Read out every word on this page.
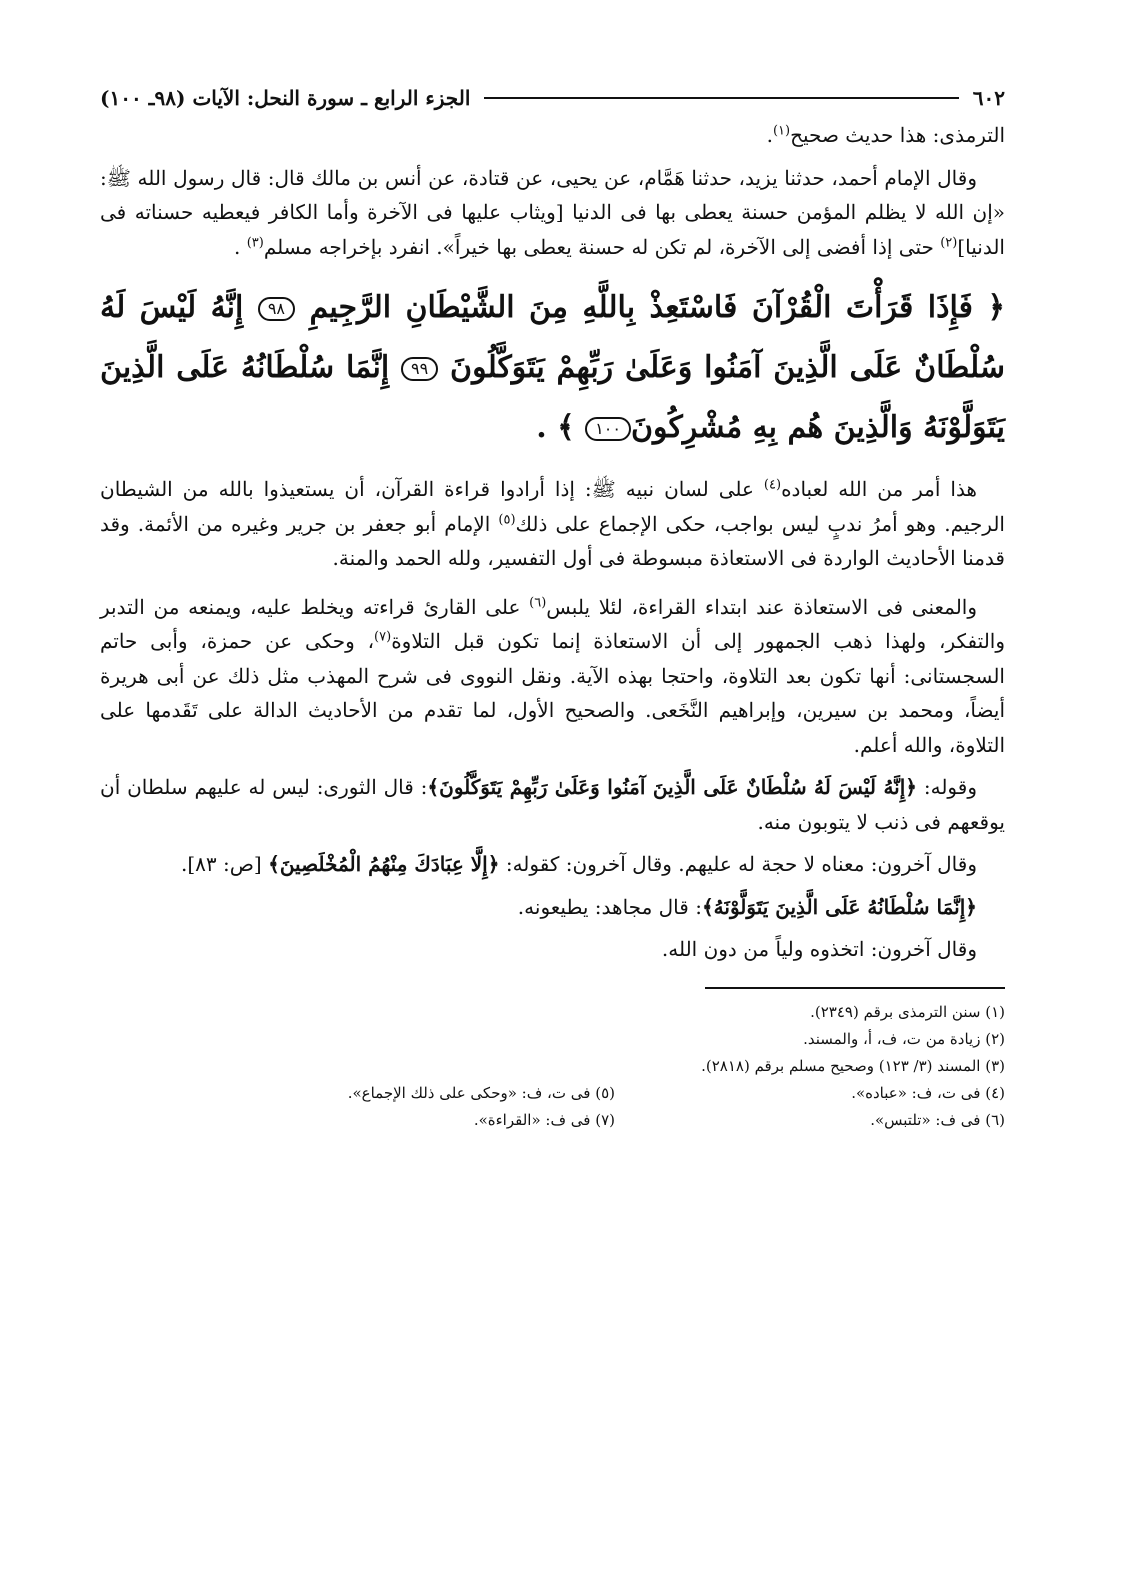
٦٠٢
الجزء الرابع ـ سورة النحل: الآيات (٩٨ـ ١٠٠)

الترمذى: هذا حديث صحيح$^{(١)}$.

وقال الإمام أحمد، حدثنا يزيد، حدثنا هَمَّام، عن يحيى، عن قتادة، عن أنس بن مالك قال: قال رسول الله ﷺ: «إن الله لا يظلم المؤمن حسنة يعطى بها فى الدنيا [ويثاب عليها فى الآخرة وأما الكافر فيعطيه حسناته فى الدنيا]$^{(٢)}$ حتى إذا أفضى إلى الآخرة، لم تكن له حسنة يعطى بها خيراً». انفرد بإخراجه مسلم$^{(٣)}$ .

﴿ فَإِذَا قَرَأْتَ الْقُرْآنَ فَاسْتَعِذْ بِاللَّهِ مِنَ الشَّيْطَانِ الرَّجِيمِ ٩٨ إِنَّهُ لَيْسَ لَهُ سُلْطَانٌ عَلَى الَّذِينَ آمَنُوا وَعَلَىٰ رَبِّهِمْ يَتَوَكَّلُونَ ٩٩ إِنَّمَا سُلْطَانُهُ عَلَى الَّذِينَ يَتَوَلَّوْنَهُ وَالَّذِينَ هُم بِهِ مُشْرِكُونَ١٠٠ ﴾ .

هذا أمر من الله لعباده$^{(٤)}$ على لسان نبيه ﷺ: إذا أرادوا قراءة القرآن، أن يستعيذوا بالله من الشيطان الرجيم. وهو أمرُ ندبٍ ليس بواجب، حكى الإجماع على ذلك$^{(٥)}$ الإمام أبو جعفر بن جرير وغيره من الأئمة. وقد قدمنا الأحاديث الواردة فى الاستعاذة مبسوطة فى أول التفسير، ولله الحمد والمنة.

والمعنى فى الاستعاذة عند ابتداء القراءة، لئلا يلبس$^{(٦)}$ على القارئ قراءته ويخلط عليه، ويمنعه من التدبر والتفكر، ولهذا ذهب الجمهور إلى أن الاستعاذة إنما تكون قبل التلاوة$^{(٧)}$، وحكى عن حمزة، وأبى حاتم السجستانى: أنها تكون بعد التلاوة، واحتجا بهذه الآية. ونقل النووى فى شرح المهذب مثل ذلك عن أبى هريرة أيضاً، ومحمد بن سيرين، وإبراهيم النَّخَعى. والصحيح الأول، لما تقدم من الأحاديث الدالة على تَقَدمها على التلاوة، والله أعلم.

وقوله: ﴿إِنَّهُ لَيْسَ لَهُ سُلْطَانٌ عَلَى الَّذِينَ آمَنُوا وَعَلَىٰ رَبِّهِمْ يَتَوَكَّلُونَ﴾: قال الثورى: ليس له عليهم سلطان أن يوقعهم فى ذنب لا يتوبون منه.

وقال آخرون: معناه لا حجة له عليهم. وقال آخرون: كقوله: ﴿إِلَّا عِبَادَكَ مِنْهُمُ الْمُخْلَصِينَ﴾ [ص: ٨٣].

﴿إِنَّمَا سُلْطَانُهُ عَلَى الَّذِينَ يَتَوَلَّوْنَهُ﴾: قال مجاهد: يطيعونه.

وقال آخرون: اتخذوه ولياً من دون الله.

(١) سنن الترمذى برقم (٢٣٤٩).

(٢) زيادة من ت، ف، أ، والمسند.

(٣) المسند (٣/ ١٢٣) وصحيح مسلم برقم (٢٨١٨).

(٤) فى ت، ف: «عباده».
(٥) فى ت، ف: «وحكى على ذلك الإجماع».
(٦) فى ف: «تلتبس».
(٧) فى ف: «القراءة».
